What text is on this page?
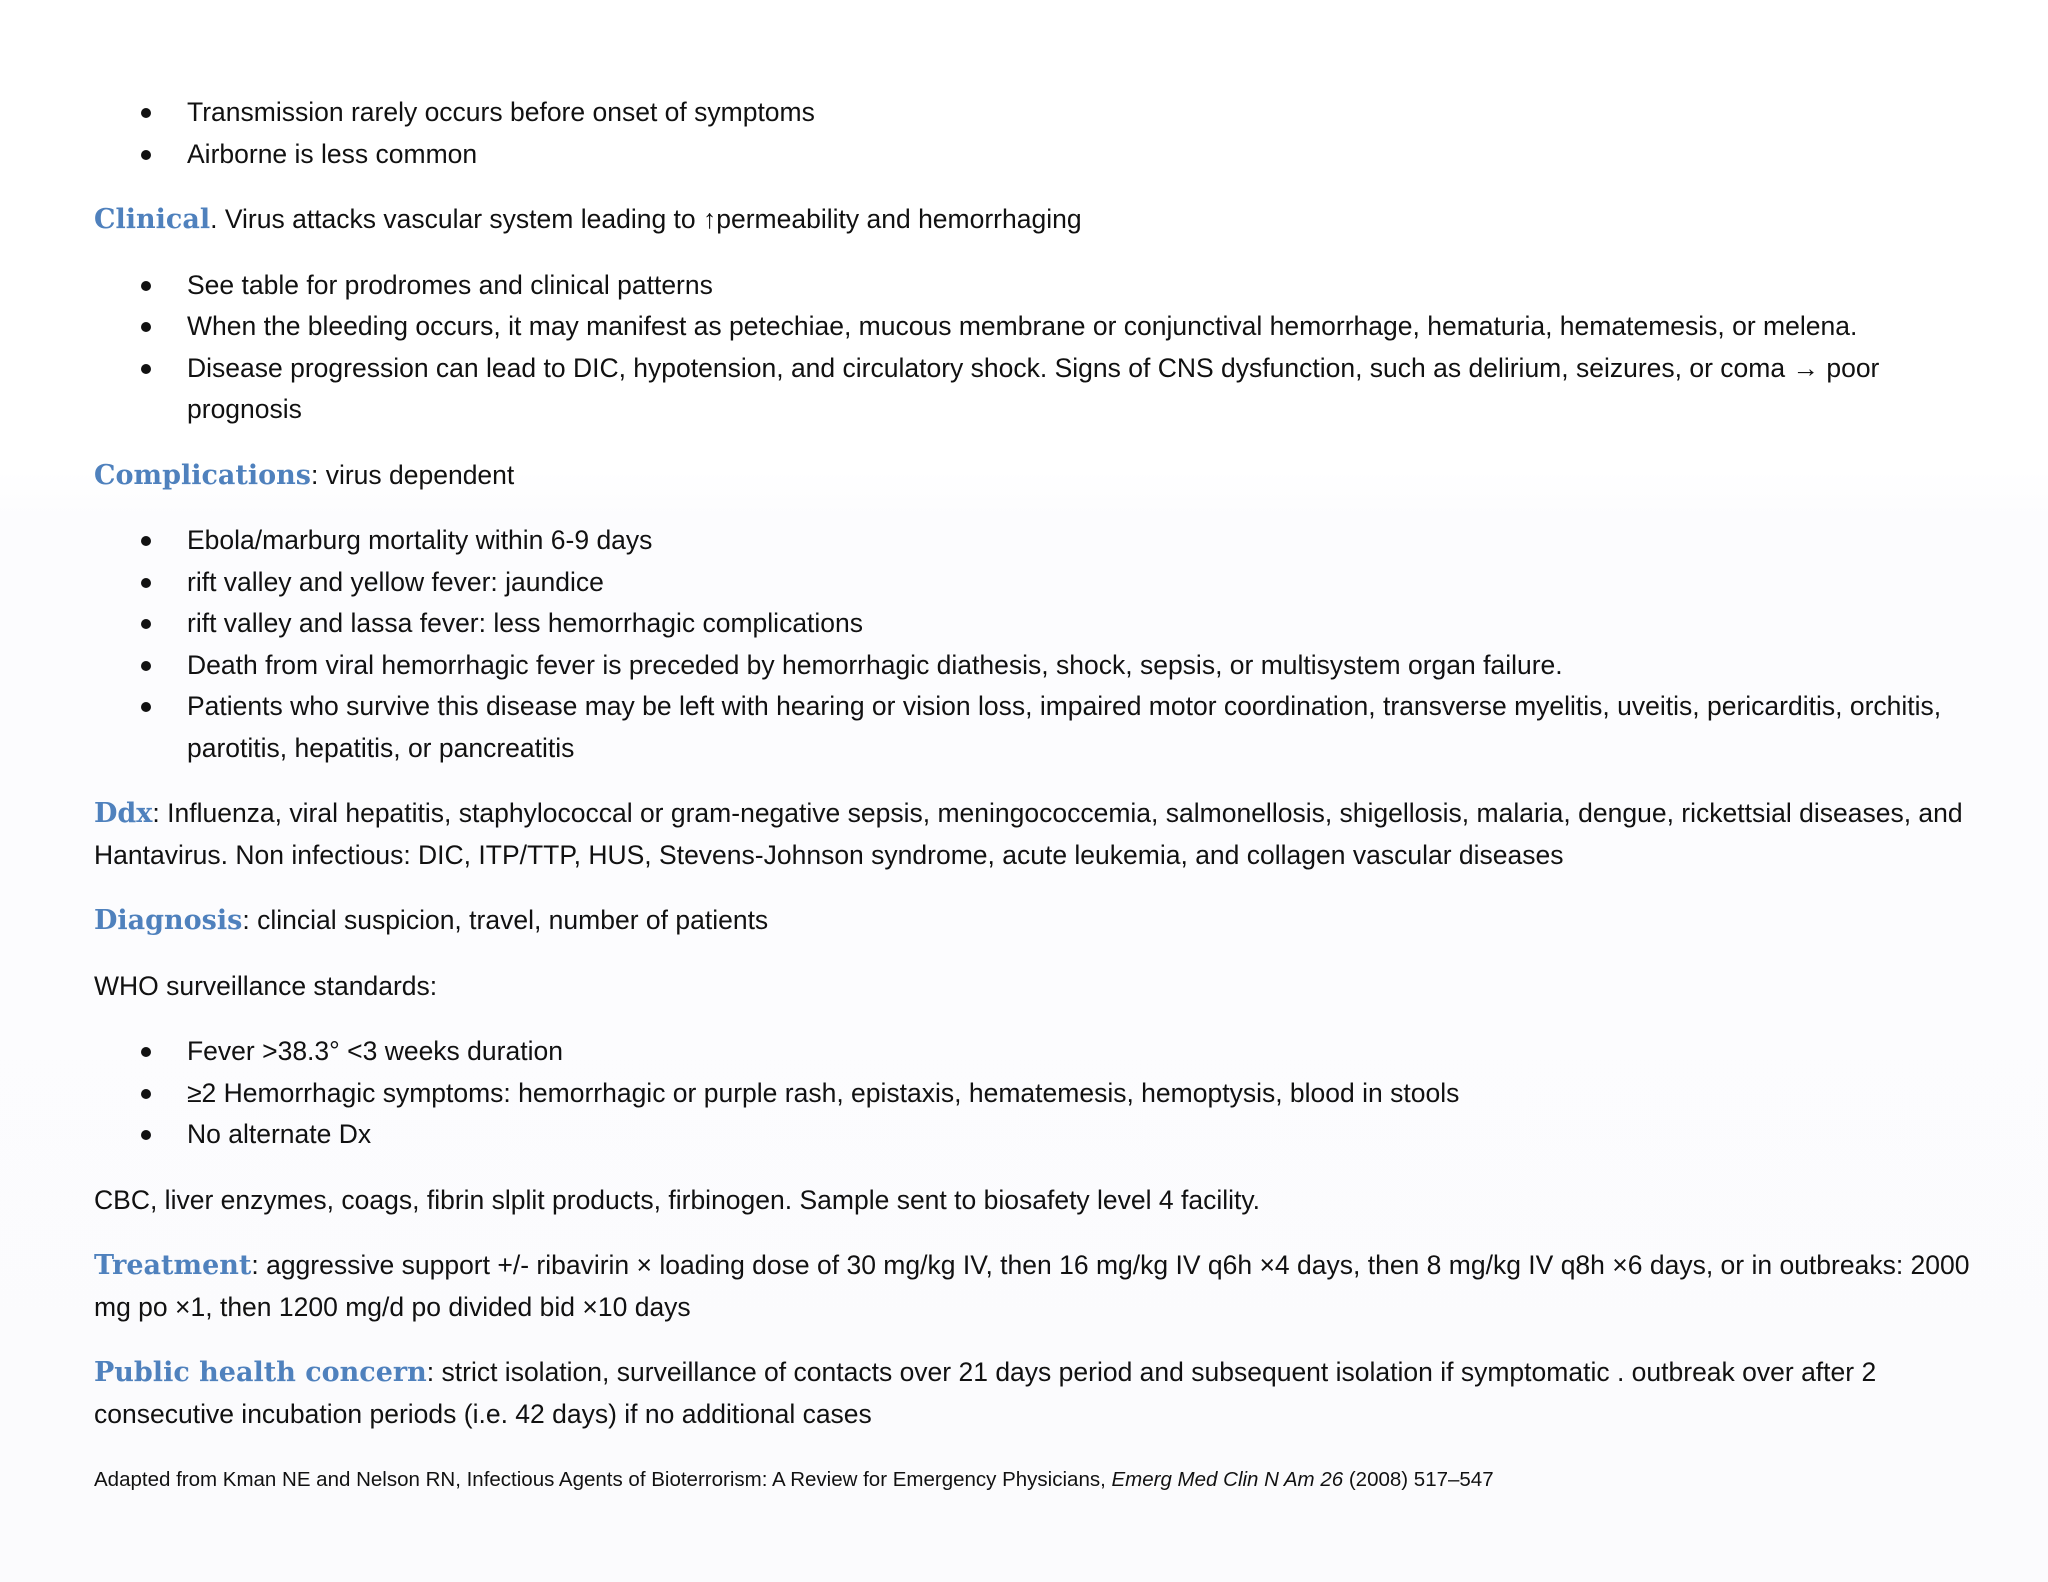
Transmission rarely occurs before onset of symptoms
Airborne is less common

Clinical. Virus attacks vascular system leading to ↑permeability and hemorrhaging

See table for prodromes and clinical patterns
When the bleeding occurs, it may manifest as petechiae, mucous membrane or conjunctival hemorrhage, hematuria, hematemesis, or melena.
Disease progression can lead to DIC, hypotension, and circulatory shock. Signs of CNS dysfunction, such as delirium, seizures, or coma → poor prognosis

Complications: virus dependent

Ebola/marburg mortality within 6-9 days
rift valley and yellow fever: jaundice
rift valley and lassa fever: less hemorrhagic complications
Death from viral hemorrhagic fever is preceded by hemorrhagic diathesis, shock, sepsis, or multisystem organ failure.
Patients who survive this disease may be left with hearing or vision loss, impaired motor coordination, transverse myelitis, uveitis, pericarditis, orchitis, parotitis, hepatitis, or pancreatitis

Ddx: Influenza, viral hepatitis, staphylococcal or gram-negative sepsis, meningococcemia, salmonellosis, shigellosis, malaria, dengue, rickettsial diseases, and Hantavirus. Non infectious: DIC, ITP/TTP, HUS, Stevens-Johnson syndrome, acute leukemia, and collagen vascular diseases

Diagnosis: clincial suspicion, travel, number of patients

WHO surveillance standards:

Fever >38.3° <3 weeks duration
≥2 Hemorrhagic symptoms: hemorrhagic or purple rash, epistaxis, hematemesis, hemoptysis, blood in stools
No alternate Dx

CBC, liver enzymes, coags, fibrin slplit products, firbinogen. Sample sent to biosafety level 4 facility.

Treatment: aggressive support +/- ribavirin × loading dose of 30 mg/kg IV, then 16 mg/kg IV q6h ×4 days, then 8 mg/kg IV q8h ×6 days, or in outbreaks: 2000 mg po ×1, then 1200 mg/d po divided bid ×10 days

Public health concern: strict isolation, surveillance of contacts over 21 days period and subsequent isolation if symptomatic . outbreak over after 2 consecutive incubation periods (i.e. 42 days) if no additional cases

Adapted from Kman NE and Nelson RN, Infectious Agents of Bioterrorism: A Review for Emergency Physicians, Emerg Med Clin N Am 26 (2008) 517–547
